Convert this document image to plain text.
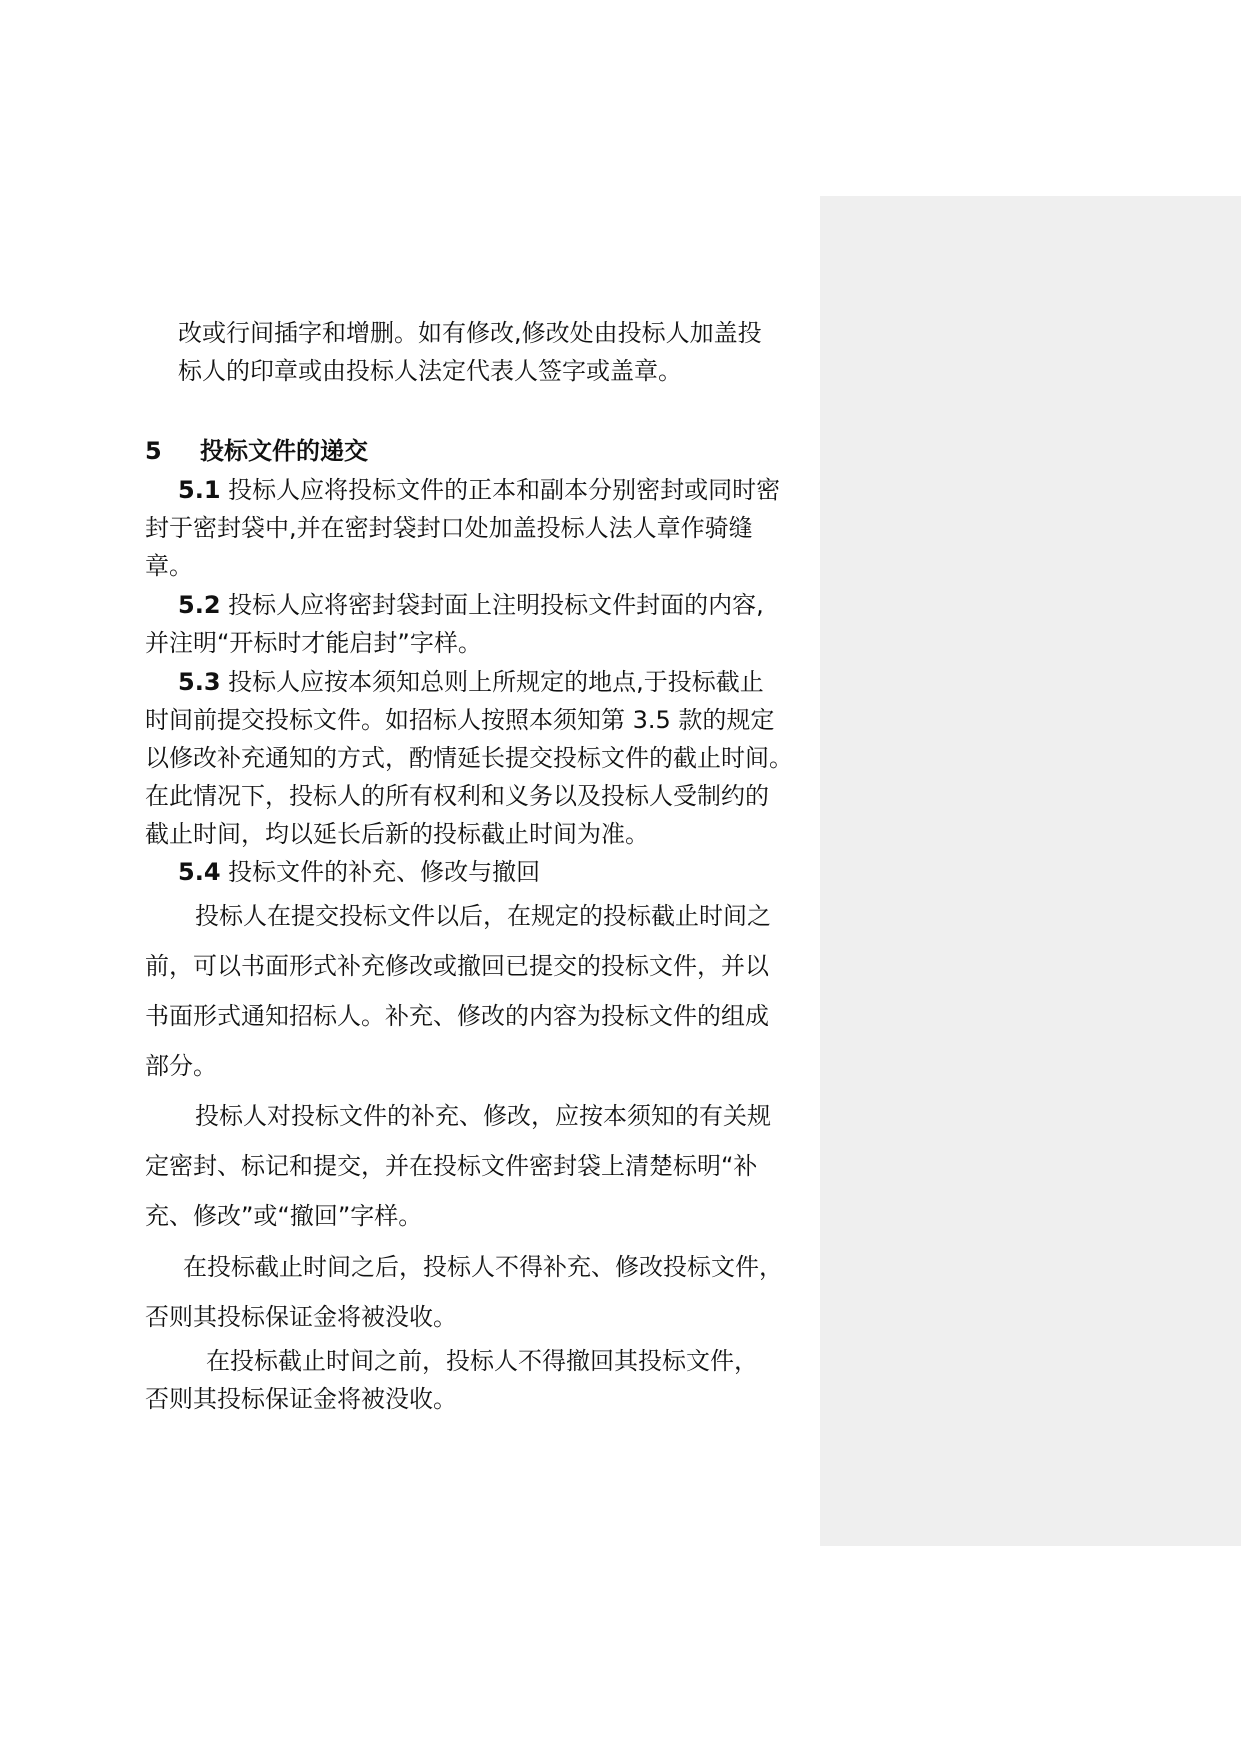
改或行间插字和增删。如有修改,修改处由投标人加盖投
标人的印章或由投标人法定代表人签字或盖章。
5 投标文件的递交
5.1 投标人应将投标文件的正本和副本分别密封或同时密
封于密封袋中,并在密封袋封口处加盖投标人法人章作骑缝
章。
5.2 投标人应将密封袋封面上注明投标文件封面的内容,
并注明“开标时才能启封”字样。
5.3 投标人应按本须知总则上所规定的地点,于投标截止
时间前提交投标文件。如招标人按照本须知第 3.5 款的规定
以修改补充通知的方式，酌情延长提交投标文件的截止时间。
在此情况下，投标人的所有权利和义务以及投标人受制约的
截止时间，均以延长后新的投标截止时间为准。
5.4 投标文件的补充、修改与撤回
投标人在提交投标文件以后，在规定的投标截止时间之
前，可以书面形式补充修改或撤回已提交的投标文件，并以
书面形式通知招标人。补充、修改的内容为投标文件的组成
部分。
投标人对投标文件的补充、修改，应按本须知的有关规
定密封、标记和提交，并在投标文件密封袋上清楚标明“补
充、修改”或“撤回”字样。
在投标截止时间之后，投标人不得补充、修改投标文件，
否则其投标保证金将被没收。
在投标截止时间之前，投标人不得撤回其投标文件，
否则其投标保证金将被没收。
